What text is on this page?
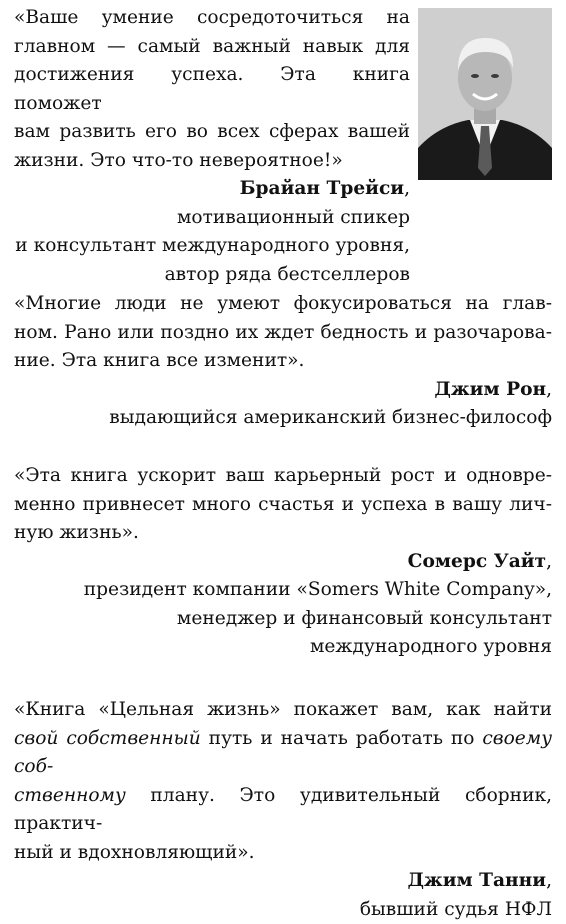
«Ваше умение сосредоточиться на
главном — самый важный навык для
достижения успеха. Эта книга поможет
вам развить его во всех сферах вашей
жизни. Это что-то невероятное!»

Брайан Трейси,
мотивационный спикер
и консультант международного уровня,
автор ряда бестселлеров

«Многие люди не умеют фокусироваться на глав-
ном. Рано или поздно их ждет бедность и разочарова-
ние. Эта книга все изменит».

Джим Рон,
выдающийся американский бизнес-философ

«Эта книга ускорит ваш карьерный рост и одновре-
менно привнесет много счастья и успеха в вашу лич-
ную жизнь».

Сомерс Уайт,
президент компании «Somers White Company»,
менеджер и финансовый консультант
международного уровня

«Книга «Цельная жизнь» покажет вам, как найти
свой собственный путь и начать работать по своему соб-
ственному плану. Это удивительный сборник, практич-
ный и вдохновляющий».

Джим Танни,
бывший судья НФЛ
